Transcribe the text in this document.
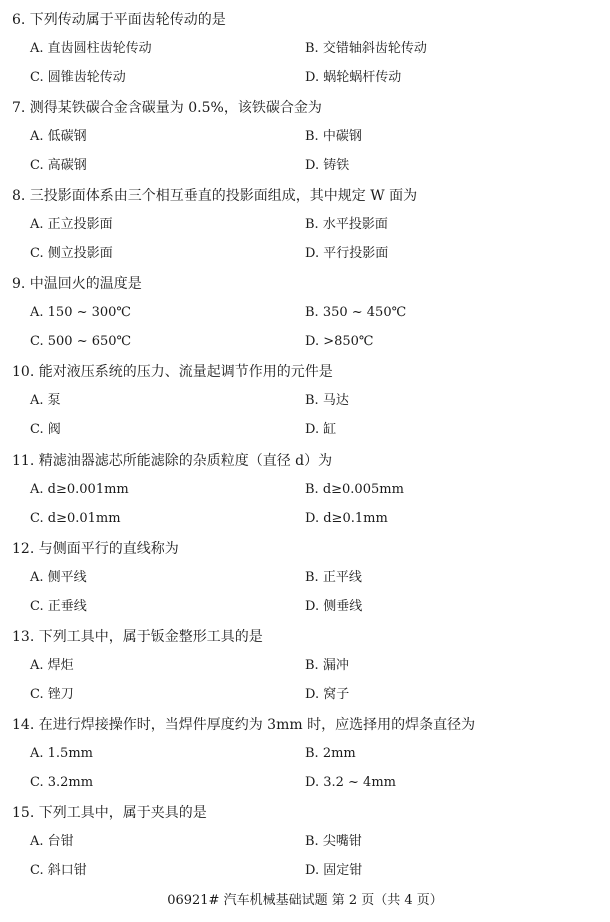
6. 下列传动属于平面齿轮传动的是
A. 直齿圆柱齿轮传动	B. 交错轴斜齿轮传动
C. 圆锥齿轮传动	D. 蜗轮蜗杆传动
7. 测得某铁碳合金含碳量为 0.5%，该铁碳合金为
A. 低碳钢	B. 中碳钢
C. 高碳钢	D. 铸铁
8. 三投影面体系由三个相互垂直的投影面组成，其中规定 W 面为
A. 正立投影面	B. 水平投影面
C. 侧立投影面	D. 平行投影面
9. 中温回火的温度是
A. 150 ~ 300℃	B. 350 ~ 450℃
C. 500 ~ 650℃	D. >850℃
10. 能对液压系统的压力、流量起调节作用的元件是
A. 泵	B. 马达
C. 阀	D. 缸
11. 精滤油器滤芯所能滤除的杂质粒度（直径 d）为
A. d≥0.001mm	B. d≥0.005mm
C. d≥0.01mm	D. d≥0.1mm
12. 与侧面平行的直线称为
A. 侧平线	B. 正平线
C. 正垂线	D. 侧垂线
13. 下列工具中，属于钣金整形工具的是
A. 焊炬	B. 漏冲
C. 锉刀	D. 窝子
14. 在进行焊接操作时，当焊件厚度约为 3mm 时，应选择用的焊条直径为
A. 1.5mm	B. 2mm
C. 3.2mm	D. 3.2 ~ 4mm
15. 下列工具中，属于夹具的是
A. 台钳	B. 尖嘴钳
C. 斜口钳	D. 固定钳
06921# 汽车机械基础试题 第 2 页（共 4 页）
